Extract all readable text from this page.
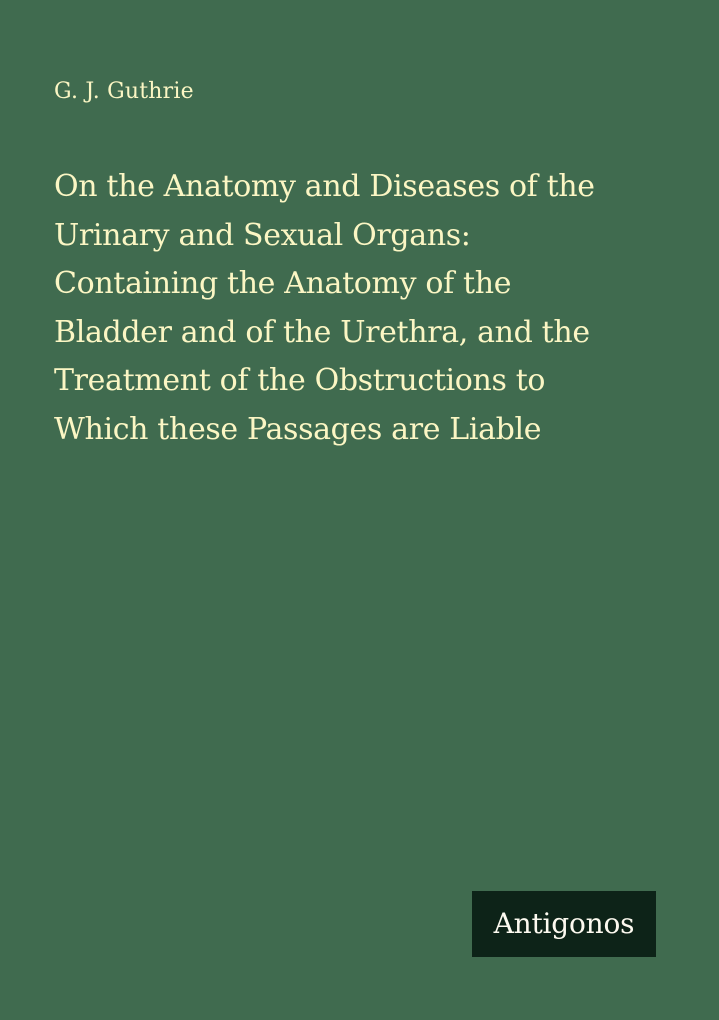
G. J. Guthrie
On the Anatomy and Diseases of the
Urinary and Sexual Organs:
Containing the Anatomy of the
Bladder and of the Urethra, and the
Treatment of the Obstructions to
Which these Passages are Liable
Antigonos
